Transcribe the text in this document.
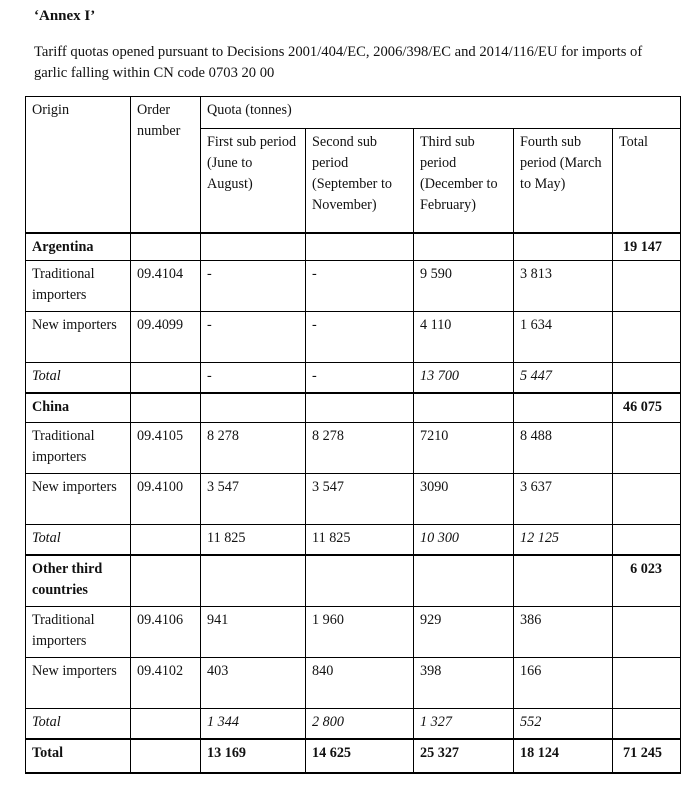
‘Annex I’
Tariff quotas opened pursuant to Decisions 2001/404/EC, 2006/398/EC and 2014/116/EU for imports of garlic falling within CN code 0703 20 00
Origin	Order number	Quota (tonnes)				
		First sub period (June to August)	Second sub period (September to November)	Third sub period (December to February)	Fourth sub period (March to May)	Total
Argentina						19 147
Traditional importers	09.4104	-	-	9 590	3 813	
New importers	09.4099	-	-	4 110	1 634	
Total		-	-	13 700	5 447	
China						46 075
Traditional importers	09.4105	8 278	8 278	7210	8 488	
New importers	09.4100	3 547	3 547	3090	3 637	
Total		11 825	11 825	10 300	12 125	
Other third countries						6 023
Traditional importers	09.4106	941	1 960	929	386	
New importers	09.4102	403	840	398	166	
Total		1 344	2 800	1 327	552	
Total		13 169	14 625	25 327	18 124	71 245
